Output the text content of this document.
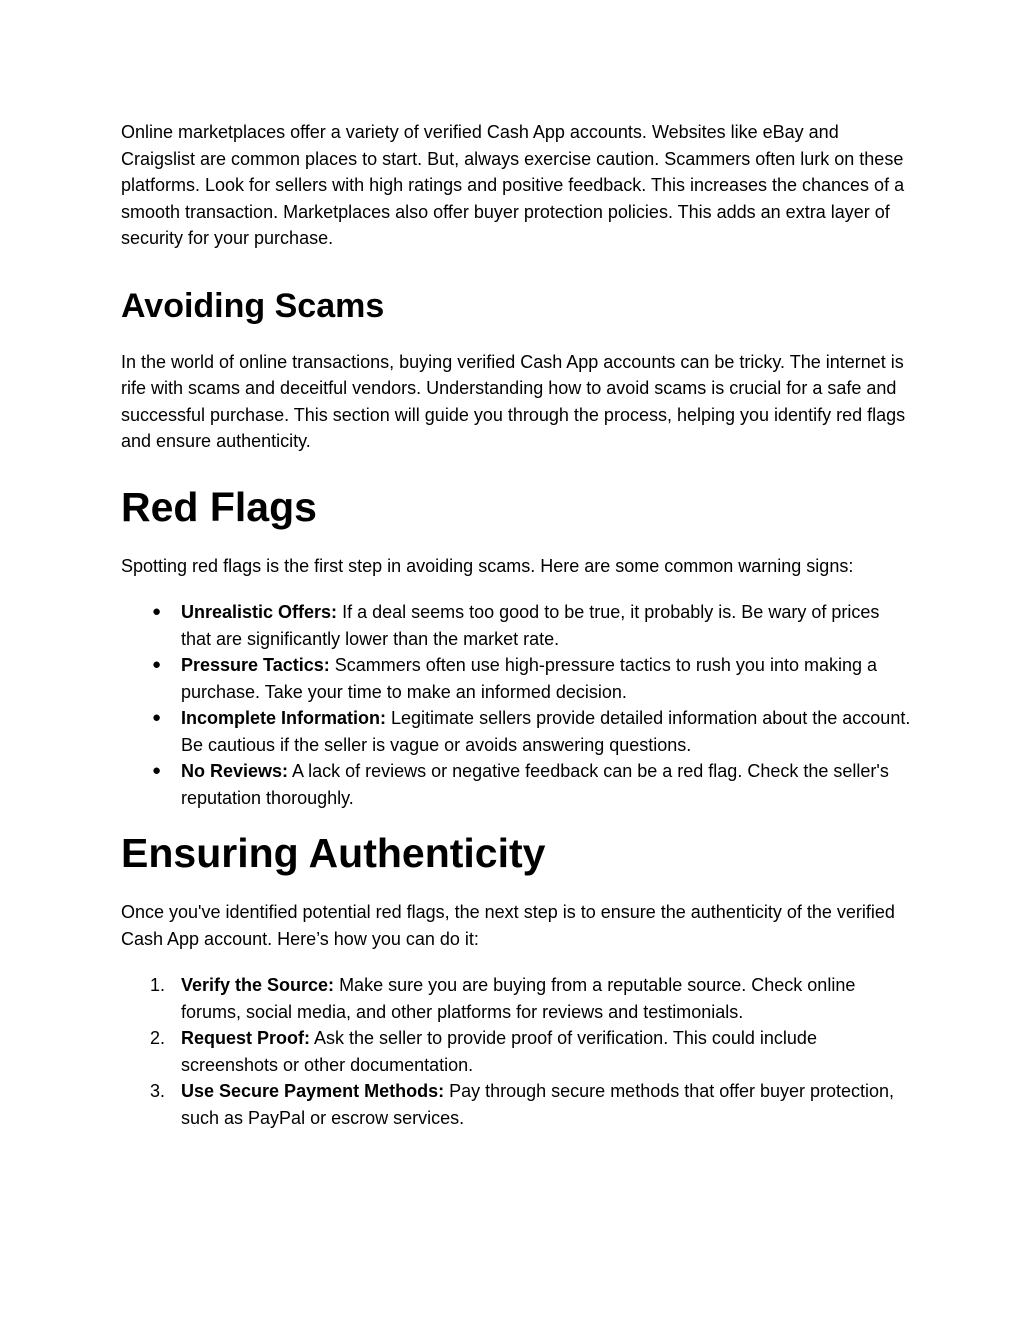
Online marketplaces offer a variety of verified Cash App accounts. Websites like eBay and Craigslist are common places to start. But, always exercise caution. Scammers often lurk on these platforms. Look for sellers with high ratings and positive feedback. This increases the chances of a smooth transaction. Marketplaces also offer buyer protection policies. This adds an extra layer of security for your purchase.

Avoiding Scams

In the world of online transactions, buying verified Cash App accounts can be tricky. The internet is rife with scams and deceitful vendors. Understanding how to avoid scams is crucial for a safe and successful purchase. This section will guide you through the process, helping you identify red flags and ensure authenticity.

Red Flags

Spotting red flags is the first step in avoiding scams. Here are some common warning signs:

● Unrealistic Offers: If a deal seems too good to be true, it probably is. Be wary of prices that are significantly lower than the market rate.
● Pressure Tactics: Scammers often use high-pressure tactics to rush you into making a purchase. Take your time to make an informed decision.
● Incomplete Information: Legitimate sellers provide detailed information about the account. Be cautious if the seller is vague or avoids answering questions.
● No Reviews: A lack of reviews or negative feedback can be a red flag. Check the seller's reputation thoroughly.
Ensuring Authenticity

Once you've identified potential red flags, the next step is to ensure the authenticity of the verified Cash App account. Here’s how you can do it:

1. Verify the Source: Make sure you are buying from a reputable source. Check online forums, social media, and other platforms for reviews and testimonials.
2. Request Proof: Ask the seller to provide proof of verification. This could include screenshots or other documentation.
3. Use Secure Payment Methods: Pay through secure methods that offer buyer protection, such as PayPal or escrow services.
